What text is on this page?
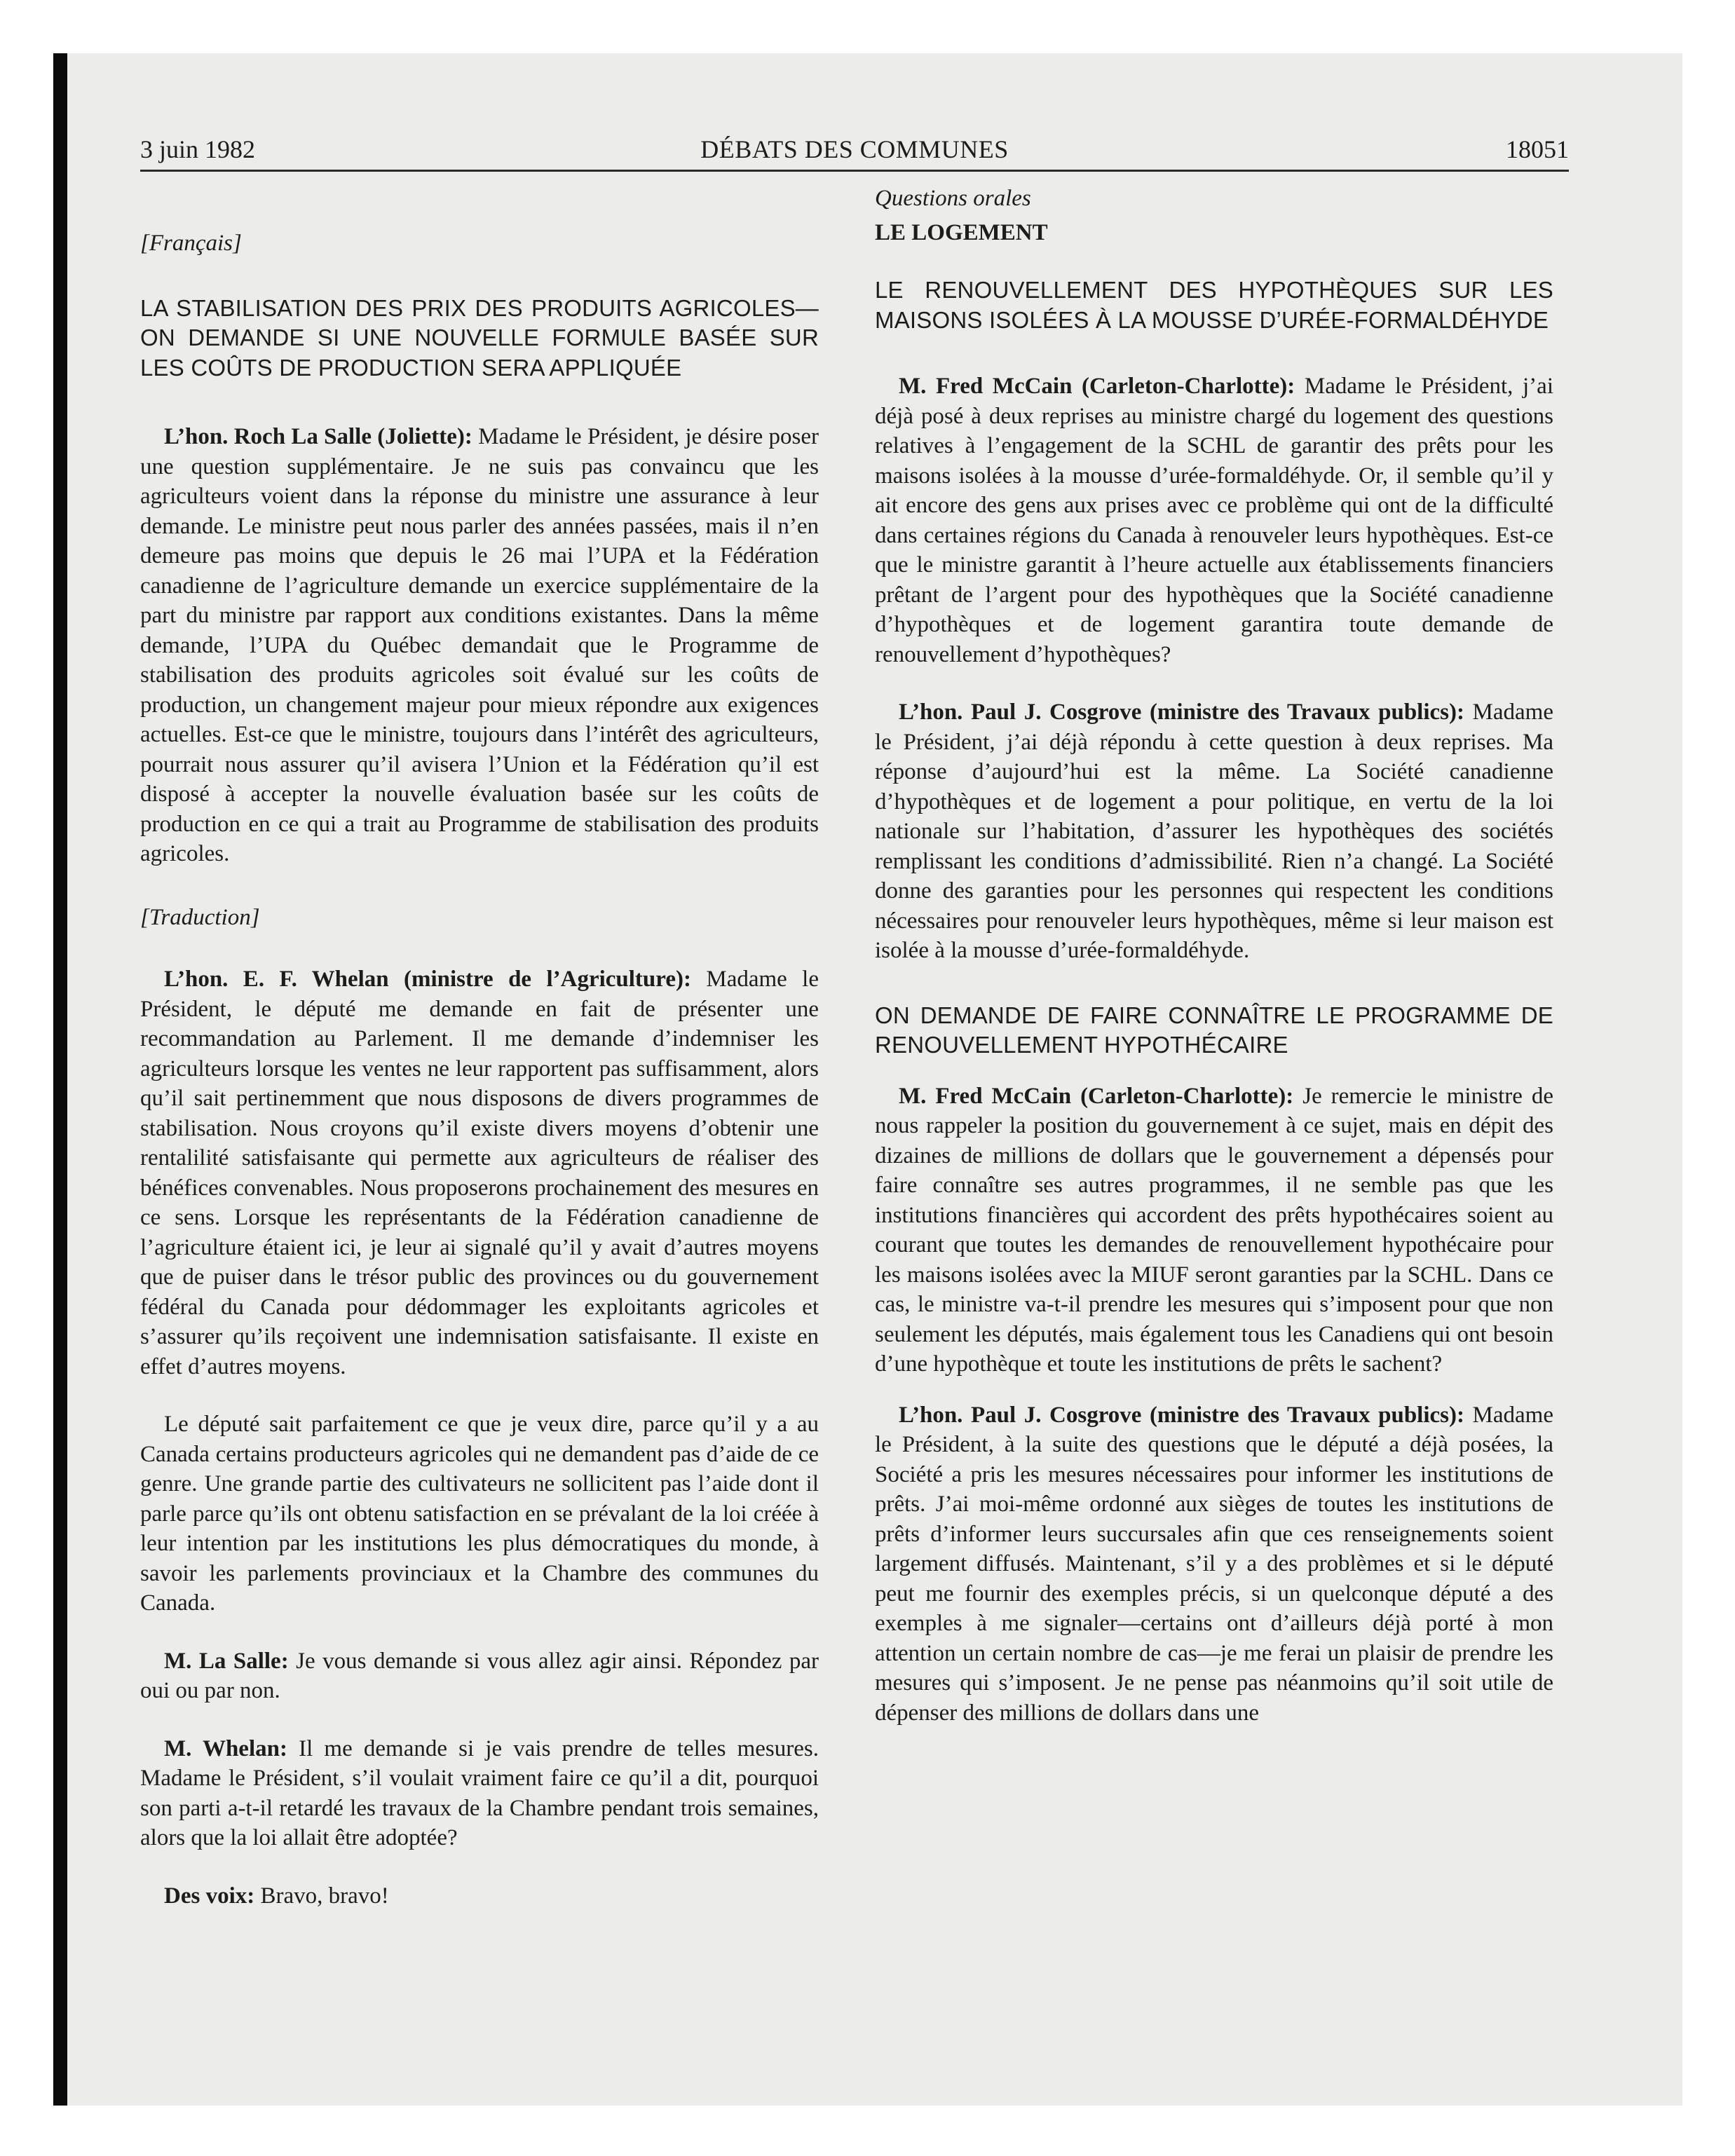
3 juin 1982	DÉBATS DES COMMUNES	18051

[Français]

LA STABILISATION DES PRIX DES PRODUITS AGRICOLES—ON DEMANDE SI UNE NOUVELLE FORMULE BASÉE SUR LES COÛTS DE PRODUCTION SERA APPLIQUÉE

L’hon. Roch La Salle (Joliette): Madame le Président, je désire poser une question supplémentaire. Je ne suis pas convaincu que les agriculteurs voient dans la réponse du ministre une assurance à leur demande. Le ministre peut nous parler des années passées, mais il n’en demeure pas moins que depuis le 26 mai l’UPA et la Fédération canadienne de l’agriculture demande un exercice supplémentaire de la part du ministre par rapport aux conditions existantes. Dans la même demande, l’UPA du Québec demandait que le Programme de stabilisation des produits agricoles soit évalué sur les coûts de production, un changement majeur pour mieux répondre aux exigences actuelles. Est-ce que le ministre, toujours dans l’intérêt des agriculteurs, pourrait nous assurer qu’il avisera l’Union et la Fédération qu’il est disposé à accepter la nouvelle évaluation basée sur les coûts de production en ce qui a trait au Programme de stabilisation des produits agricoles.

[Traduction]

L’hon. E. F. Whelan (ministre de l’Agriculture): Madame le Président, le député me demande en fait de présenter une recommandation au Parlement. Il me demande d’indemniser les agriculteurs lorsque les ventes ne leur rapportent pas suffisamment, alors qu’il sait pertinemment que nous disposons de divers programmes de stabilisation. Nous croyons qu’il existe divers moyens d’obtenir une rentalilité satisfaisante qui permette aux agriculteurs de réaliser des bénéfices convenables. Nous proposerons prochainement des mesures en ce sens. Lorsque les représentants de la Fédération canadienne de l’agriculture étaient ici, je leur ai signalé qu’il y avait d’autres moyens que de puiser dans le trésor public des provinces ou du gouvernement fédéral du Canada pour dédommager les exploitants agricoles et s’assurer qu’ils reçoivent une indemnisation satisfaisante. Il existe en effet d’autres moyens.

Le député sait parfaitement ce que je veux dire, parce qu’il y a au Canada certains producteurs agricoles qui ne demandent pas d’aide de ce genre. Une grande partie des cultivateurs ne sollicitent pas l’aide dont il parle parce qu’ils ont obtenu satisfaction en se prévalant de la loi créée à leur intention par les institutions les plus démocratiques du monde, à savoir les parlements provinciaux et la Chambre des communes du Canada.

M. La Salle: Je vous demande si vous allez agir ainsi. Répondez par oui ou par non.

M. Whelan: Il me demande si je vais prendre de telles mesures. Madame le Président, s’il voulait vraiment faire ce qu’il a dit, pourquoi son parti a-t-il retardé les travaux de la Chambre pendant trois semaines, alors que la loi allait être adoptée?

Des voix: Bravo, bravo!

Questions orales

LE LOGEMENT

LE RENOUVELLEMENT DES HYPOTHÈQUES SUR LES MAISONS ISOLÉES À LA MOUSSE D’URÉE-FORMALDÉHYDE

M. Fred McCain (Carleton-Charlotte): Madame le Président, j’ai déjà posé à deux reprises au ministre chargé du logement des questions relatives à l’engagement de la SCHL de garantir des prêts pour les maisons isolées à la mousse d’urée-formaldéhyde. Or, il semble qu’il y ait encore des gens aux prises avec ce problème qui ont de la difficulté dans certaines régions du Canada à renouveler leurs hypothèques. Est-ce que le ministre garantit à l’heure actuelle aux établissements financiers prêtant de l’argent pour des hypothèques que la Société canadienne d’hypothèques et de logement garantira toute demande de renouvellement d’hypothèques?

L’hon. Paul J. Cosgrove (ministre des Travaux publics): Madame le Président, j’ai déjà répondu à cette question à deux reprises. Ma réponse d’aujourd’hui est la même. La Société canadienne d’hypothèques et de logement a pour politique, en vertu de la loi nationale sur l’habitation, d’assurer les hypothèques des sociétés remplissant les conditions d’admissibilité. Rien n’a changé. La Société donne des garanties pour les personnes qui respectent les conditions nécessaires pour renouveler leurs hypothèques, même si leur maison est isolée à la mousse d’urée-formaldéhyde.

ON DEMANDE DE FAIRE CONNAÎTRE LE PROGRAMME DE RENOUVELLEMENT HYPOTHÉCAIRE

M. Fred McCain (Carleton-Charlotte): Je remercie le ministre de nous rappeler la position du gouvernement à ce sujet, mais en dépit des dizaines de millions de dollars que le gouvernement a dépensés pour faire connaître ses autres programmes, il ne semble pas que les institutions financières qui accordent des prêts hypothécaires soient au courant que toutes les demandes de renouvellement hypothécaire pour les maisons isolées avec la MIUF seront garanties par la SCHL. Dans ce cas, le ministre va-t-il prendre les mesures qui s’imposent pour que non seulement les députés, mais également tous les Canadiens qui ont besoin d’une hypothèque et toute les institutions de prêts le sachent?

L’hon. Paul J. Cosgrove (ministre des Travaux publics): Madame le Président, à la suite des questions que le député a déjà posées, la Société a pris les mesures nécessaires pour informer les institutions de prêts. J’ai moi-même ordonné aux sièges de toutes les institutions de prêts d’informer leurs succursales afin que ces renseignements soient largement diffusés. Maintenant, s’il y a des problèmes et si le député peut me fournir des exemples précis, si un quelconque député a des exemples à me signaler—certains ont d’ailleurs déjà porté à mon attention un certain nombre de cas—je me ferai un plaisir de prendre les mesures qui s’imposent. Je ne pense pas néanmoins qu’il soit utile de dépenser des millions de dollars dans une
